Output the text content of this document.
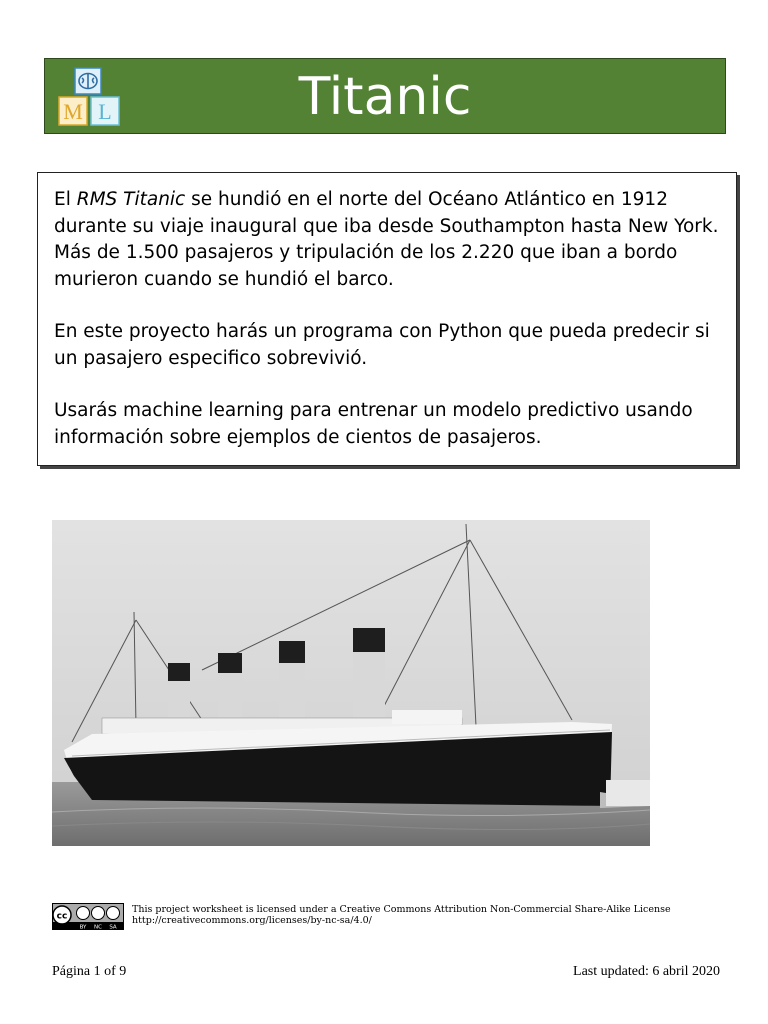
M L	Titanic

El RMS Titanic se hundió en el norte del Océano Atlántico en 1912 durante su viaje inaugural que iba desde Southampton hasta New York. Más de 1.500 pasajeros y tripulación de los 2.220 que iban a bordo murieron cuando se hundió el barco.

En este proyecto harás un programa con Python que pueda predecir si un pasajero especifico sobrevivió.

Usarás machine learning para entrenar un modelo predictivo usando información sobre ejemplos de cientos de pasajeros.

cc
BY NC SA
This project worksheet is licensed under a Creative Commons Attribution Non-Commercial Share-Alike License
http://creativecommons.org/licenses/by-nc-sa/4.0/
Página 1 of 9	Last updated: 6 abril 2020
